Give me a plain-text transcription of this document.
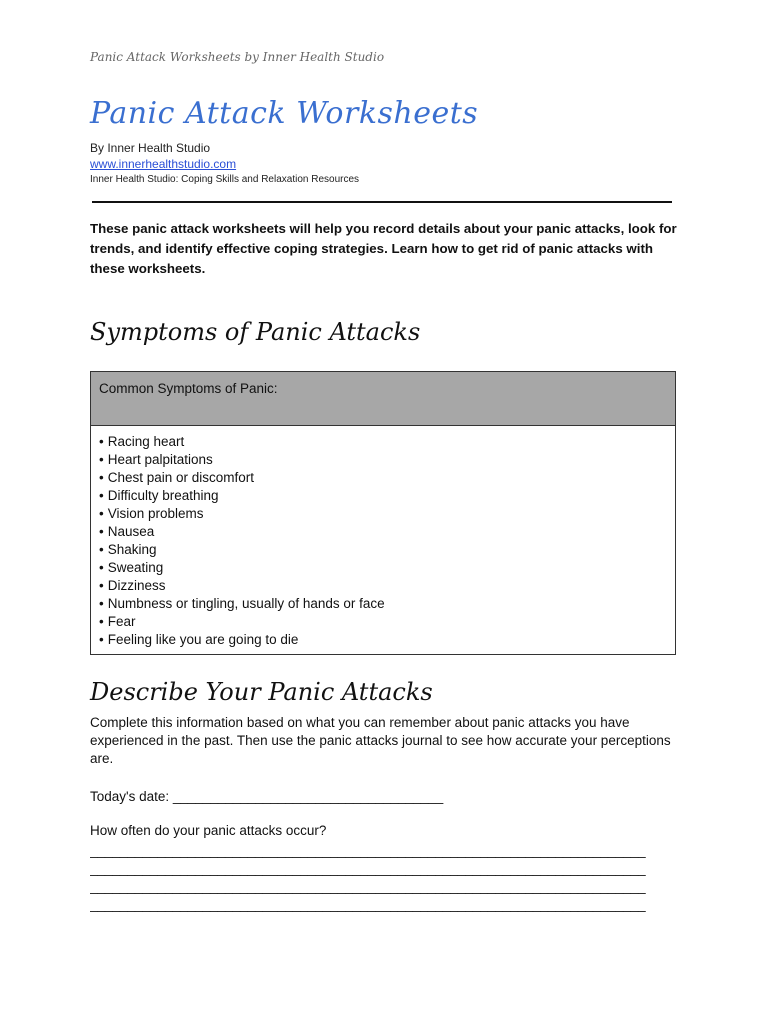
Panic Attack Worksheets by Inner Health Studio
Panic Attack Worksheets
By Inner Health Studio
www.innerhealthstudio.com
Inner Health Studio: Coping Skills and Relaxation Resources

These panic attack worksheets will help you record details about your panic attacks, look for trends, and identify effective coping strategies. Learn how to get rid of panic attacks with these worksheets.

Symptoms of Panic Attacks
Common Symptoms of Panic:
• Racing heart
• Heart palpitations
• Chest pain or discomfort
• Difficulty breathing
• Vision problems
• Nausea
• Shaking
• Sweating
• Dizziness
• Numbness or tingling, usually of hands or face
• Fear
• Feeling like you are going to die
Describe Your Panic Attacks

Complete this information based on what you can remember about panic attacks you have experienced in the past. Then use the panic attacks journal to see how accurate your perceptions are.

Today's date: ____________________________________
How often do your panic attacks occur?
__________________________________________________________________________
__________________________________________________________________________
__________________________________________________________________________
__________________________________________________________________________
